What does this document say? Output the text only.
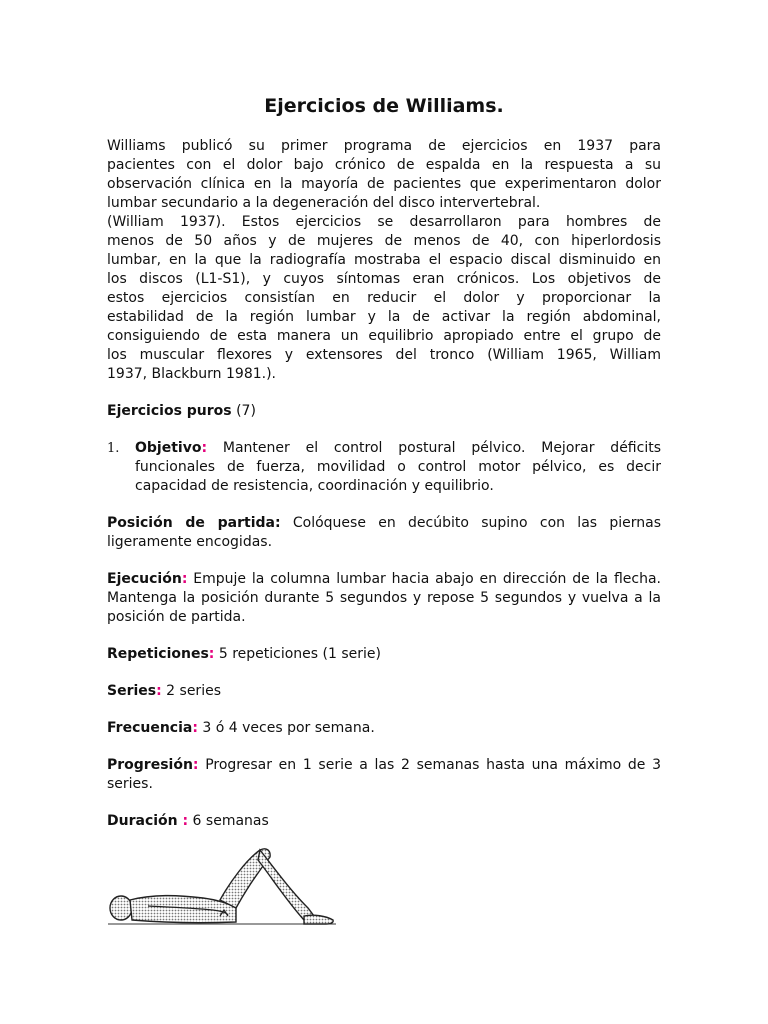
Ejercicios de Williams.

Williams publicó su primer programa de ejercicios en 1937 para
pacientes con el dolor bajo crónico de espalda en la respuesta a su
observación clínica en la mayoría de pacientes que experimentaron dolor
lumbar secundario a la degeneración del disco intervertebral.
(William 1937). Estos ejercicios se desarrollaron para hombres de
menos de 50 años y de mujeres de menos de 40, con hiperlordosis
lumbar, en la que la radiografía mostraba el espacio discal disminuido en
los discos (L1-S1), y cuyos síntomas eran crónicos. Los objetivos de
estos ejercicios consistían en reducir el dolor y proporcionar la
estabilidad de la región lumbar y la de activar la región abdominal,
consiguiendo de esta manera un equilibrio apropiado entre el grupo de
los muscular flexores y extensores del tronco (William 1965, William
1937, Blackburn 1981.).

Ejercicios puros (7)

1.	Objetivo: Mantener el control postural pélvico. Mejorar déficits funcionales de fuerza, movilidad o control motor pélvico, es decir capacidad de resistencia, coordinación y equilibrio.

Posición de partida: Colóquese en decúbito supino con las piernas ligeramente encogidas.

Ejecución: Empuje la columna lumbar hacia abajo en dirección de la flecha. Mantenga la posición durante 5 segundos y repose 5 segundos y vuelva a la posición de partida.

Repeticiones: 5 repeticiones (1 serie)

Series: 2 series

Frecuencia: 3 ó 4 veces por semana.

Progresión: Progresar en 1 serie a las 2 semanas hasta una máximo de 3 series.

Duración : 6 semanas
